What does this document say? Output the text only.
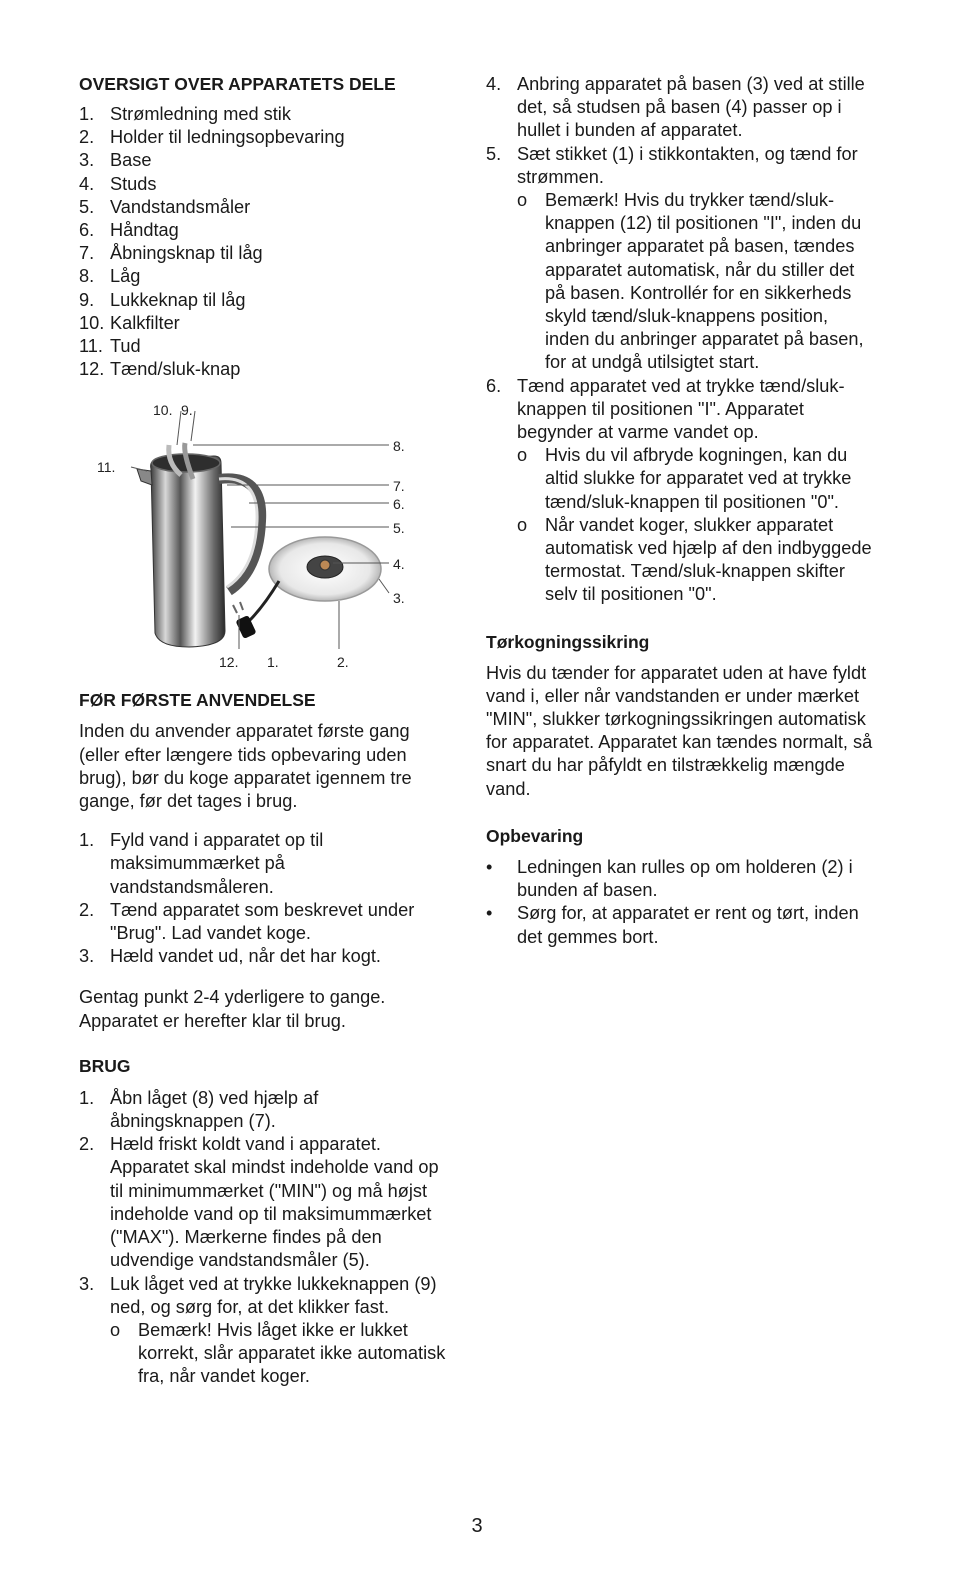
OVERSIGT OVER APPARATETS DELE
1. Strømledning med stik
2. Holder til ledningsopbevaring
3. Base
4. Studs
5. Vandstandsmåler
6. Håndtag
7. Åbningsknap til låg
8. Låg
9. Lukkeknap til låg
10. Kalkfilter
11. Tud
12. Tænd/sluk-knap
10. 9.
8.
11.
7.
6.
5.
4.
3.
12. 1.	2.
FØR FØRSTE ANVENDELSE

Inden du anvender apparatet første gang (eller efter længere tids opbevaring uden brug), bør du koge apparatet igennem tre gange, før det tages i brug.

1. Fyld vand i apparatet op til maksimummærket på vandstandsmåleren.
2. Tænd apparatet som beskrevet under "Brug". Lad vandet koge.
3. Hæld vandet ud, når det har kogt.

Gentag punkt 2-4 yderligere to gange. Apparatet er herefter klar til brug.

BRUG
1. Åbn låget (8) ved hjælp af åbningsknappen (7).
2. Hæld friskt koldt vand i apparatet. Apparatet skal mindst indeholde vand op til minimummærket ("MIN") og må højst indeholde vand op til maksimummærket ("MAX"). Mærkerne findes på den udvendige vandstandsmåler (5).
3. Luk låget ved at trykke lukkeknappen (9) ned, og sørg for, at det klikker fast.
o Bemærk! Hvis låget ikke er lukket korrekt, slår apparatet ikke automatisk fra, når vandet koger.
4. Anbring apparatet på basen (3) ved at stille det, så studsen på basen (4) passer op i hullet i bunden af apparatet.
5. Sæt stikket (1) i stikkontakten, og tænd for strømmen.
o Bemærk! Hvis du trykker tænd/sluk-knappen (12) til positionen "I", inden du anbringer apparatet på basen, tændes apparatet automatisk, når du stiller det på basen. Kontrollér for en sikkerheds skyld tænd/sluk-knappens position, inden du anbringer apparatet på basen, for at undgå utilsigtet start.
6. Tænd apparatet ved at trykke tænd/sluk-knappen til positionen "I". Apparatet begynder at varme vandet op.
o Hvis du vil afbryde kogningen, kan du altid slukke for apparatet ved at trykke tænd/sluk-knappen til positionen "0".
o Når vandet koger, slukker apparatet automatisk ved hjælp af den indbyggede termostat. Tænd/sluk-knappen skifter selv til positionen "0".
Tørkogningssikring

Hvis du tænder for apparatet uden at have fyldt vand i, eller når vandstanden er under mærket "MIN", slukker tørkogningssikringen automatisk for apparatet. Apparatet kan tændes normalt, så snart du har påfyldt en tilstrækkelig mængde vand.

Opbevaring
• Ledningen kan rulles op om holderen (2) i bunden af basen.
• Sørg for, at apparatet er rent og tørt, inden det gemmes bort.
3
